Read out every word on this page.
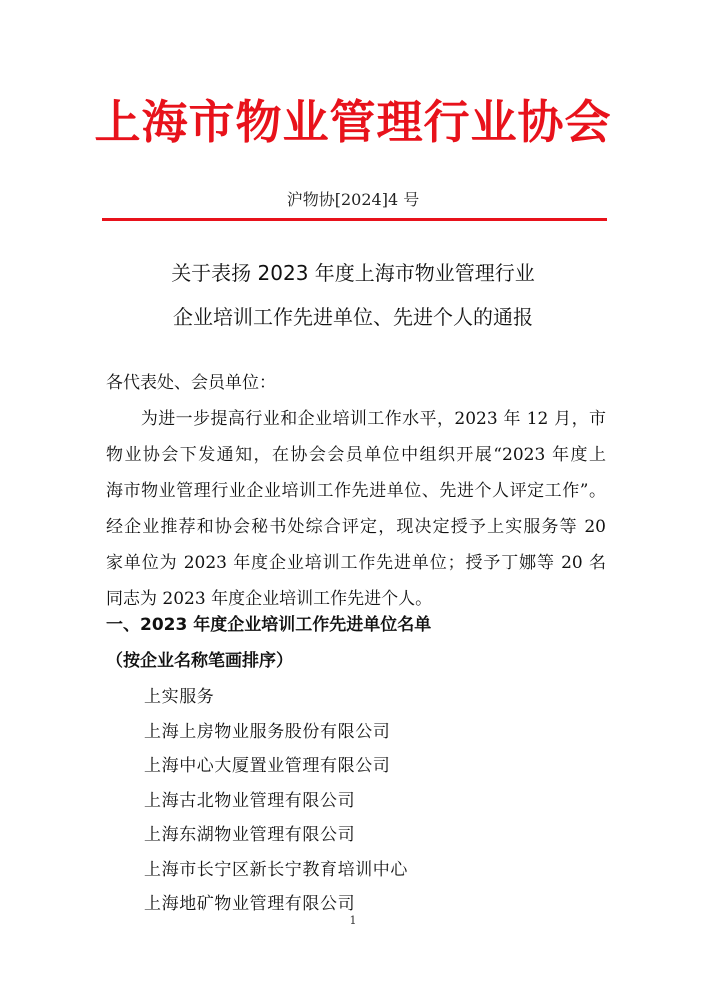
上海市物业管理行业协会
沪物协[2024]4 号
关于表扬 2023 年度上海市物业管理行业
企业培训工作先进单位、先进个人的通报
各代表处、会员单位：
　　为进一步提高行业和企业培训工作水平，2023 年 12 月，市
物业协会下发通知，在协会会员单位中组织开展“2023 年度上
海市物业管理行业企业培训工作先进单位、先进个人评定工作”。
经企业推荐和协会秘书处综合评定，现决定授予上实服务等 20
家单位为 2023 年度企业培训工作先进单位；授予丁娜等 20 名
同志为 2023 年度企业培训工作先进个人。
一、2023 年度企业培训工作先进单位名单
（按企业名称笔画排序）
上实服务
上海上房物业服务股份有限公司
上海中心大厦置业管理有限公司
上海古北物业管理有限公司
上海东湖物业管理有限公司
上海市长宁区新长宁教育培训中心
上海地矿物业管理有限公司
1
